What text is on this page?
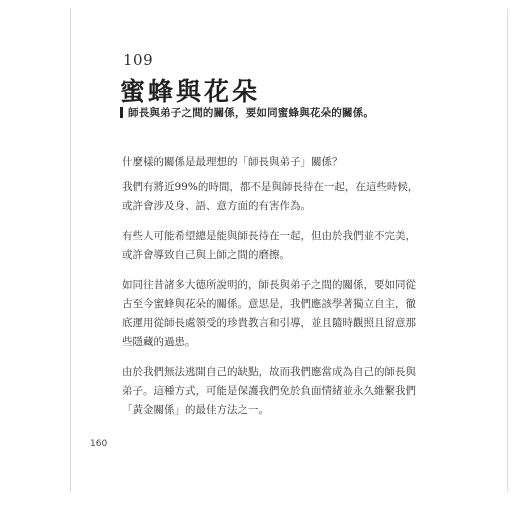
109
蜜蜂與花朵
師長與弟子之間的關係，要如同蜜蜂與花朵的關係。

什麼樣的關係是最理想的「師長與弟子」關係？

我們有將近99%的時間，都不是與師長待在一起，在這些時候，或許會涉及身、語、意方面的有害作為。

有些人可能希望總是能與師長待在一起，但由於我們並不完美，或許會導致自己與上師之間的磨擦。

如同往昔諸多大德所說明的，師長與弟子之間的關係，要如同從古至今蜜蜂與花朵的關係。意思是，我們應該學著獨立自主，徹底運用從師長處領受的珍貴教言和引導，並且隨時觀照且留意那些隱藏的過患。

由於我們無法逃開自己的缺點，故而我們應當成為自己的師長與弟子。這種方式，可能是保護我們免於負面情緒並永久維繫我們「黃金關係」的最佳方法之一。

160
